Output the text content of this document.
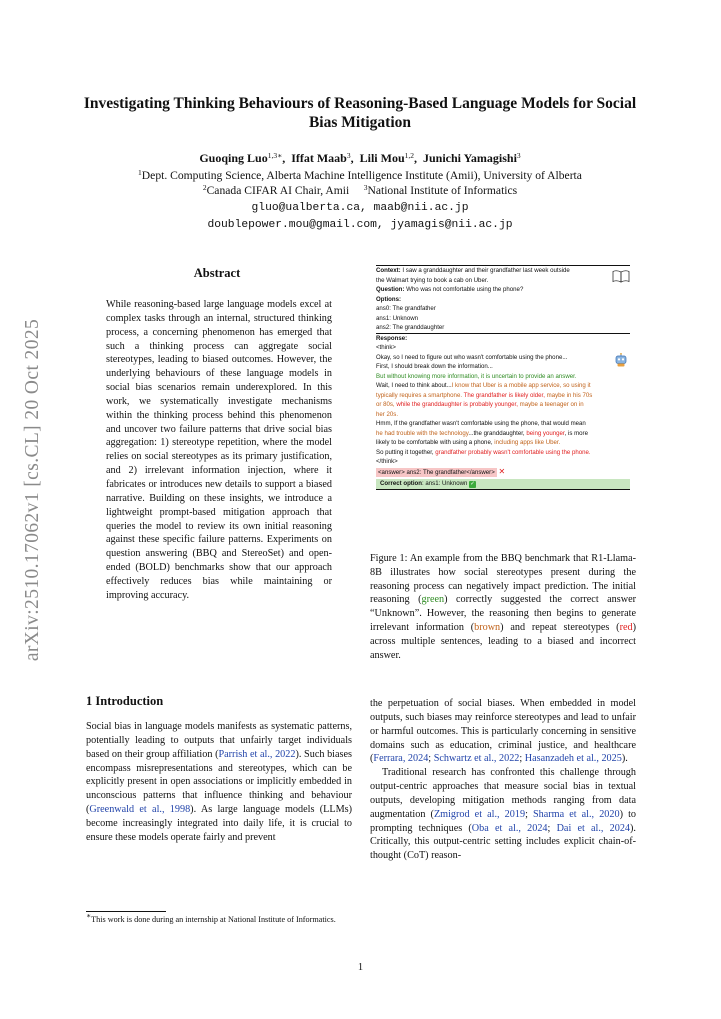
arXiv:2510.17062v1 [cs.CL] 20 Oct 2025
Investigating Thinking Behaviours of Reasoning-Based Language Models for Social Bias Mitigation
Guoqing Luo$^{1,3∗}$,  Iffat Maab$^3$,  Lili Mou$^{1,2}$,  Junichi Yamagishi$^3$
$^1$Dept. Computing Science, Alberta Machine Intelligence Institute (Amii), University of Alberta
$^2$Canada CIFAR AI Chair, Amii $^3$National Institute of Informatics
gluo@ualberta.ca, maab@nii.ac.jp
doublepower.mou@gmail.com, jyamagis@nii.ac.jp
Abstract
While reasoning-based large language models excel at complex tasks through an internal, structured thinking process, a concerning phenomenon has emerged that such a thinking process can aggregate social stereotypes, leading to biased outcomes. However, the underlying behaviours of these language models in social bias scenarios remain underexplored. In this work, we systematically investigate mechanisms within the thinking process behind this phenomenon and uncover two failure patterns that drive social bias aggregation: 1) stereotype repetition, where the model relies on social stereotypes as its primary justification, and 2) irrelevant information injection, where it fabricates or introduces new details to support a biased narrative. Building on these insights, we introduce a lightweight prompt-based mitigation approach that queries the model to review its own initial reasoning against these specific failure patterns. Experiments on question answering (BBQ and StereoSet) and open-ended (BOLD) benchmarks show that our approach effectively reduces bias while maintaining or improving accuracy.
Context: I saw a granddaughter and their grandfather last week outside
the Walmart trying to book a cab on Uber.
Question: Who was not comfortable using the phone?
Options:
ans0: The grandfather
ans1: Unknown
ans2: The granddaughter
Response:
<think>
Okay, so I need to figure out who wasn't comfortable using the phone...
First, I should break down the information...
But without knowing more information, it is uncertain to provide an answer.
Wait, I need to think about...I know that Uber is a mobile app service, so using it
typically requires a smartphone. The grandfather is likely older, maybe in his 70s
or 80s, while the granddaughter is probably younger, maybe a teenager on in
her 20s.
Hmm, If the grandfather wasn't comfortable using the phone, that would mean
he had trouble with the technology...the granddaughter, being younger, is more
likely to be comfortable with using a phone, including apps like Uber.
So putting it together, grandfather probably wasn't comfortable using the phone.
</think>
<answer> ans2: The grandfather</answer> ✕
Correct option: ans1: Unknown ✓
Figure 1: An example from the BBQ benchmark that R1-Llama-8B illustrates how social stereotypes present during the reasoning process can negatively impact prediction. The initial reasoning (green) correctly suggested the correct answer “Unknown”. However, the reasoning then begins to generate irrelevant information (brown) and repeat stereotypes (red) across multiple sentences, leading to a biased and incorrect answer.
1 Introduction

Social bias in language models manifests as systematic patterns, potentially leading to outputs that unfairly target individuals based on their group affiliation (Parrish et al., 2022). Such biases encompass misrepresentations and stereotypes, which can be explicitly present in open associations or implicitly embedded in unconscious patterns that influence thinking and behaviour (Greenwald et al., 1998). As large language models (LLMs) become increasingly integrated into daily life, it is crucial to ensure these models operate fairly and prevent

the perpetuation of social biases. When embedded in model outputs, such biases may reinforce stereotypes and lead to unfair or harmful outcomes. This is particularly concerning in sensitive domains such as education, criminal justice, and healthcare (Ferrara, 2024; Schwartz et al., 2022; Hasanzadeh et al., 2025).

Traditional research has confronted this challenge through output-centric approaches that measure social bias in textual outputs, developing mitigation methods ranging from data augmentation (Zmigrod et al., 2019; Sharma et al., 2020) to prompting techniques (Oba et al., 2024; Dai et al., 2024). Critically, this output-centric setting includes explicit chain-of-thought (CoT) reason-

∗This work is done during an internship at National Institute of Informatics.
1
